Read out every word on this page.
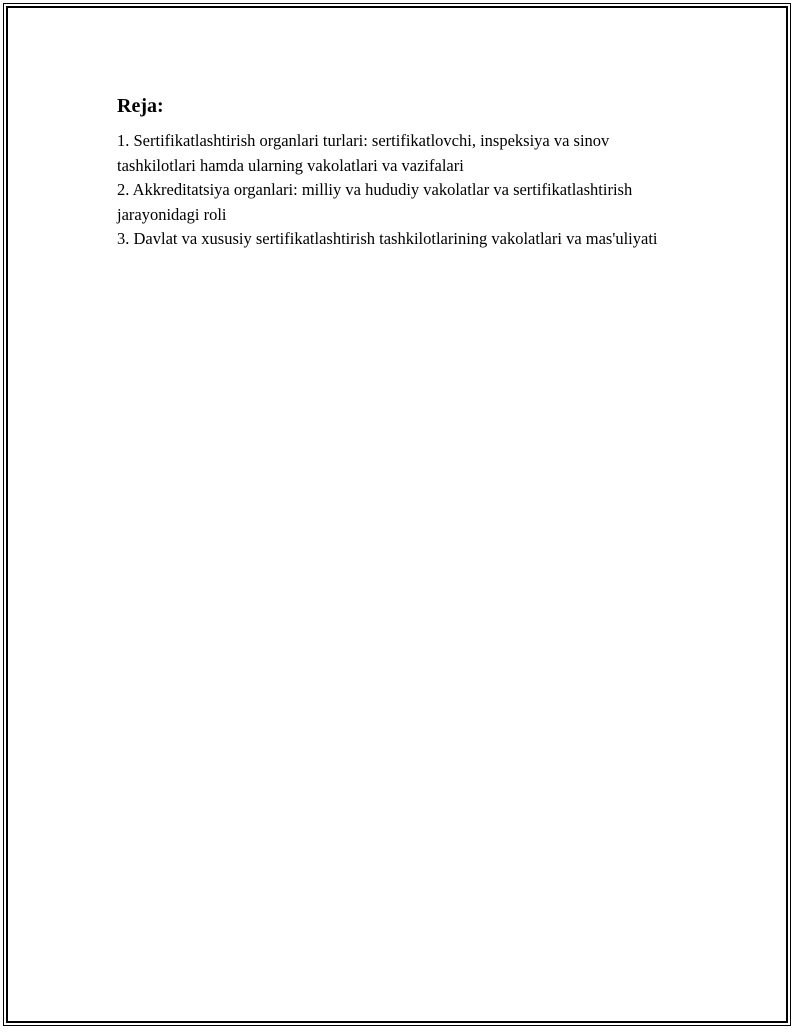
Reja:
1. Sertifikatlashtirish organlari turlari: sertifikatlovchi, inspeksiya va sinov tashkilotlari hamda ularning vakolatlari va vazifalari
2. Akkreditatsiya organlari: milliy va hududiy vakolatlar va sertifikatlashtirish jarayonidagi roli
3. Davlat va xususiy sertifikatlashtirish tashkilotlarining vakolatlari va mas'uliyati
